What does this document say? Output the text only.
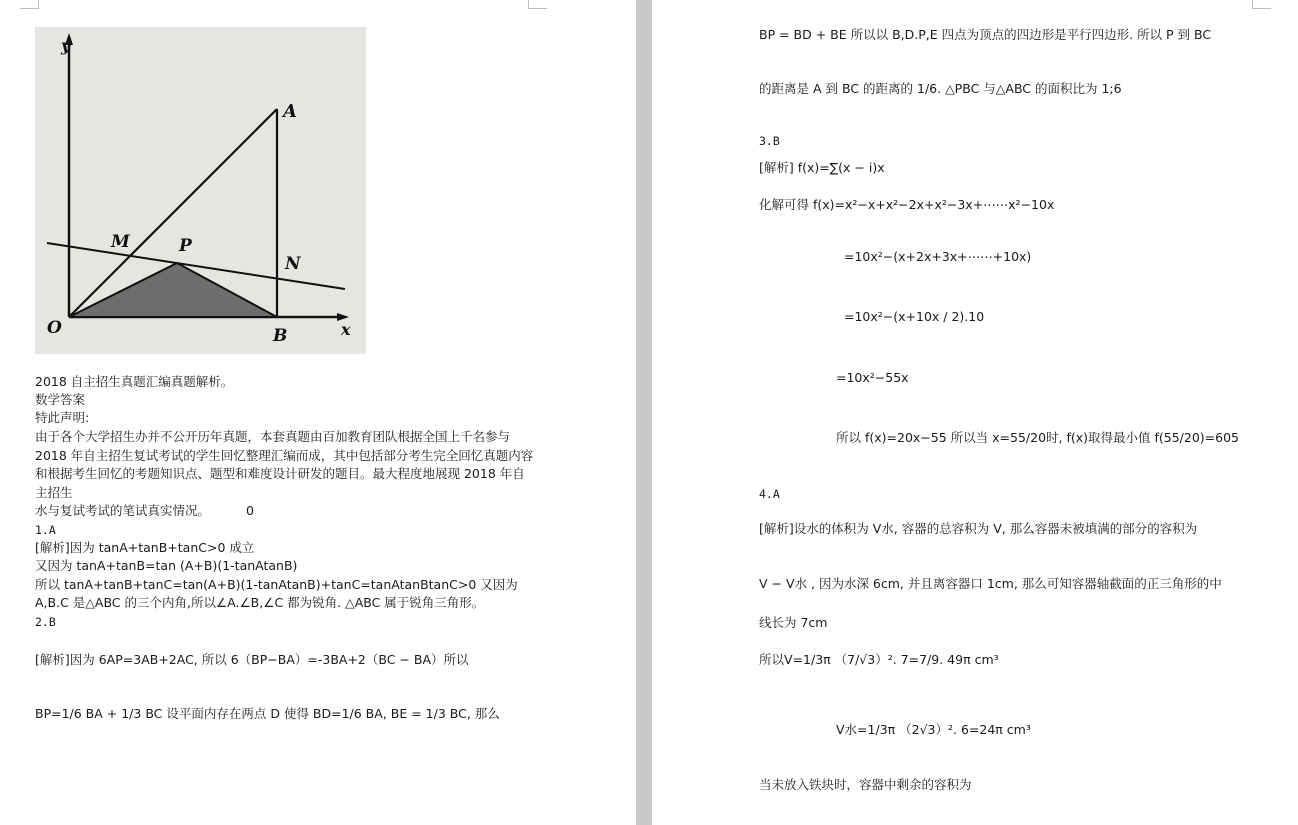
y
A
M	P
N
O	B	x
2018 自主招生真题汇编真题解析。
数学答案
特此声明:
由于各个大学招生办并不公开历年真题，本套真题由百加教育团队根据全国上千名参与 2018 年自主招生复试考试的学生回忆整理汇编而成，其中包括部分考生完全回忆真题内容和根据考生回忆的考题知识点、题型和难度设计研发的题目。最大程度地展现 2018 年自主招生
水与复试考试的笔试真实情况。	0
1.A
[解析]因为 tanA+tanB+tanC>0 成立
又因为 tanA+tanB=tan (A+B)(1-tanAtanB)
所以 tanA+tanB+tanC=tan(A+B)(1-tanAtanB)+tanC=tanAtanBtanC>0 又因为
A,B.C 是△ABC 的三个内角,所以∠A.∠B,∠C 都为锐角. △ABC 属于锐角三角形。
2.B
[解析]因为 6AP=3AB+2AC, 所以 6（BP−BA）=-3BA+2（BC − BA）所以
BP=1/6 BA + 1/3 BC 设平面内存在两点 D 使得 BD=1/6 BA, BE = 1/3 BC, 那么
BP = BD + BE 所以以 B,D.P,E 四点为顶点的四边形是平行四边形. 所以 P 到 BC
的距离是 A 到 BC 的距离的 1/6. △PBC 与△ABC 的面积比为 1;6
3.B
[解析] f(x)=∑(x − i)x
化解可得 f(x)=x²−x+x²−2x+x²−3x+⋯⋯x²−10x
=10x²−(x+2x+3x+⋯⋯+10x)
=10x²−(x+10x / 2).10
=10x²−55x
所以 f(x)=20x−55 所以当 x=55/20时, f(x)取得最小值 f(55/20)=605
4.A
[解析]设水的体积为 V水, 容器的总容积为 V, 那么容器未被填满的部分的容积为
V − V水 , 因为水深 6cm, 并且离容器口 1cm, 那么可知容器轴截面的正三角形的中
线长为 7cm
所以V=1/3π （7/√3）². 7=7/9. 49π cm³
V水=1/3π （2√3）². 6=24π cm³
当未放入铁块时，容器中剩余的容积为
